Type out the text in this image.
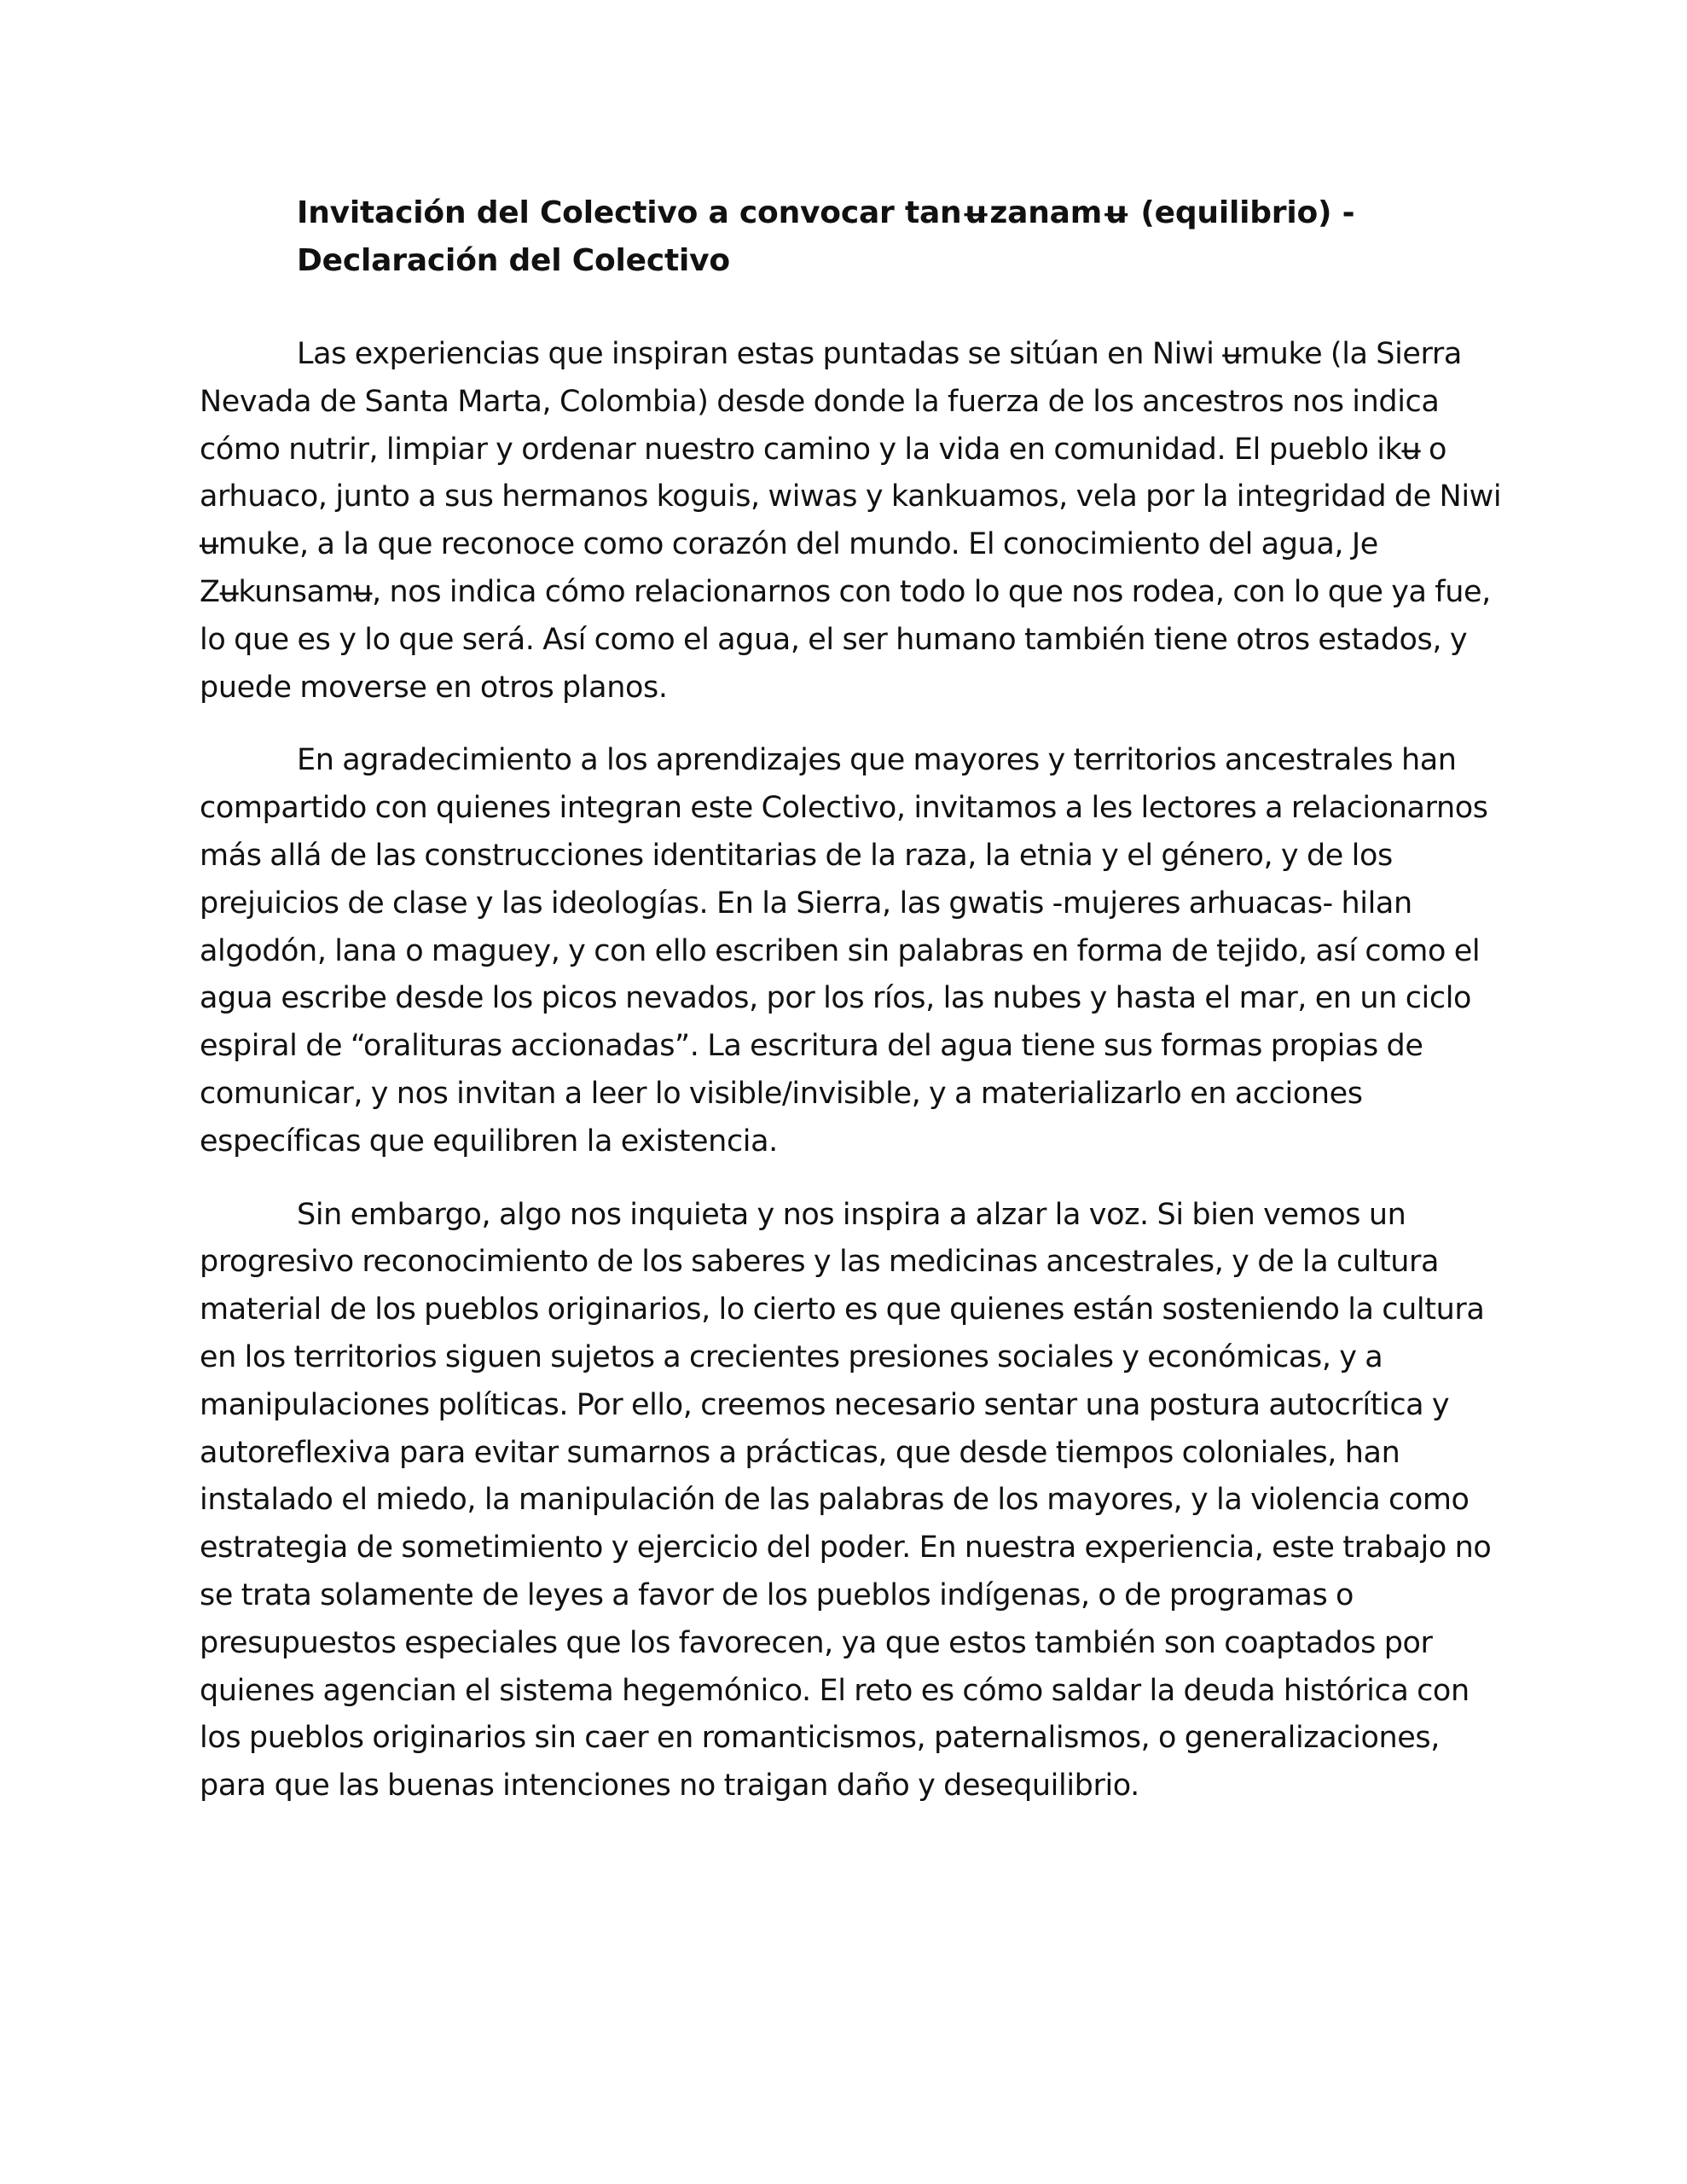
Invitación del Colectivo a convocar tanʉzanamʉ (equilibrio) -
Declaración del Colectivo

Las experiencias que inspiran estas puntadas se sitúan en Niwi ʉmuke (la Sierra Nevada de Santa Marta, Colombia) desde donde la fuerza de los ancestros nos indica cómo nutrir, limpiar y ordenar nuestro camino y la vida en comunidad. El pueblo ikʉ o arhuaco, junto a sus hermanos koguis, wiwas y kankuamos, vela por la integridad de Niwi ʉmuke, a la que reconoce como corazón del mundo. El conocimiento del agua, Je Zʉkunsamʉ, nos indica cómo relacionarnos con todo lo que nos rodea, con lo que ya fue, lo que es y lo que será. Así como el agua, el ser humano también tiene otros estados, y puede moverse en otros planos.

En agradecimiento a los aprendizajes que mayores y territorios ancestrales han compartido con quienes integran este Colectivo, invitamos a les lectores a relacionarnos más allá de las construcciones identitarias de la raza, la etnia y el género, y de los prejuicios de clase y las ideologías. En la Sierra, las gwatis -mujeres arhuacas- hilan algodón, lana o maguey, y con ello escriben sin palabras en forma de tejido, así como el agua escribe desde los picos nevados, por los ríos, las nubes y hasta el mar, en un ciclo espiral de “oralituras accionadas”. La escritura del agua tiene sus formas propias de comunicar, y nos invitan a leer lo visible/invisible, y a materializarlo en acciones específicas que equilibren la existencia.

Sin embargo, algo nos inquieta y nos inspira a alzar la voz. Si bien vemos un progresivo reconocimiento de los saberes y las medicinas ancestrales, y de la cultura material de los pueblos originarios, lo cierto es que quienes están sosteniendo la cultura en los territorios siguen sujetos a crecientes presiones sociales y económicas, y a manipulaciones políticas. Por ello, creemos necesario sentar una postura autocrítica y autoreflexiva para evitar sumarnos a prácticas, que desde tiempos coloniales, han instalado el miedo, la manipulación de las palabras de los mayores, y la violencia como estrategia de sometimiento y ejercicio del poder. En nuestra experiencia, este trabajo no se trata solamente de leyes a favor de los pueblos indígenas, o de programas o presupuestos especiales que los favorecen, ya que estos también son coaptados por quienes agencian el sistema hegemónico. El reto es cómo saldar la deuda histórica con los pueblos originarios sin caer en romanticismos, paternalismos, o generalizaciones, para que las buenas intenciones no traigan daño y desequilibrio.
